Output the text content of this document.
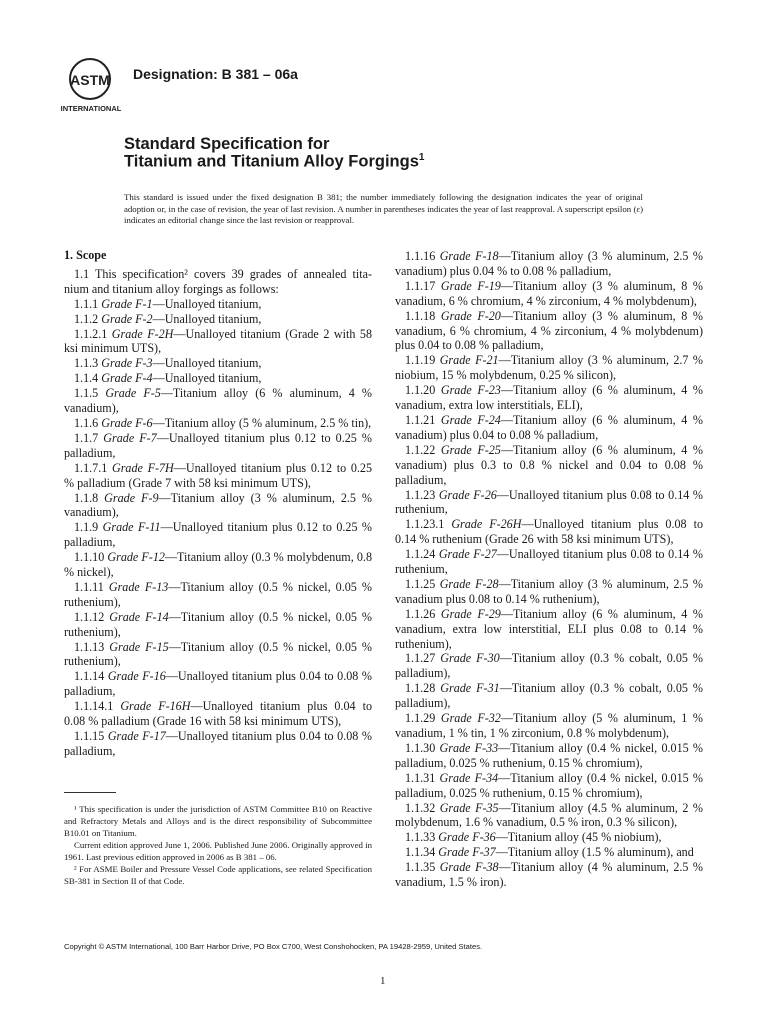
ASTM
INTERNATIONAL
Designation: B 381 – 06a
Standard Specification for
Titanium and Titanium Alloy Forgings$^1$
This standard is issued under the fixed designation B 381; the number immediately following the designation indicates the year of original adoption or, in the case of revision, the year of last revision. A number in parentheses indicates the year of last reapproval. A superscript epsilon (ε) indicates an editorial change since the last revision or reapproval.

1. Scope

1.1 This specification² covers 39 grades of annealed tita-nium and titanium alloy forgings as follows:

1.1.1 Grade F-1—Unalloyed titanium,

1.1.2 Grade F-2—Unalloyed titanium,

1.1.2.1 Grade F-2H—Unalloyed titanium (Grade 2 with 58 ksi minimum UTS),

1.1.3 Grade F-3—Unalloyed titanium,

1.1.4 Grade F-4—Unalloyed titanium,

1.1.5 Grade F-5—Titanium alloy (6 % aluminum, 4 % vanadium),

1.1.6 Grade F-6—Titanium alloy (5 % aluminum, 2.5 % tin),

1.1.7 Grade F-7—Unalloyed titanium plus 0.12 to 0.25 % palladium,

1.1.7.1 Grade F-7H—Unalloyed titanium plus 0.12 to 0.25 % palladium (Grade 7 with 58 ksi minimum UTS),

1.1.8 Grade F-9—Titanium alloy (3 % aluminum, 2.5 % vanadium),

1.1.9 Grade F-11—Unalloyed titanium plus 0.12 to 0.25 % palladium,

1.1.10 Grade F-12—Titanium alloy (0.3 % molybdenum, 0.8 % nickel),

1.1.11 Grade F-13—Titanium alloy (0.5 % nickel, 0.05 % ruthenium),

1.1.12 Grade F-14—Titanium alloy (0.5 % nickel, 0.05 % ruthenium),

1.1.13 Grade F-15—Titanium alloy (0.5 % nickel, 0.05 % ruthenium),

1.1.14 Grade F-16—Unalloyed titanium plus 0.04 to 0.08 % palladium,

1.1.14.1 Grade F-16H—Unalloyed titanium plus 0.04 to 0.08 % palladium (Grade 16 with 58 ksi minimum UTS),

1.1.15 Grade F-17—Unalloyed titanium plus 0.04 to 0.08 % palladium,

1.1.16 Grade F-18—Titanium alloy (3 % aluminum, 2.5 % vanadium) plus 0.04 % to 0.08 % palladium,

1.1.17 Grade F-19—Titanium alloy (3 % aluminum, 8 % vanadium, 6 % chromium, 4 % zirconium, 4 % molybdenum),

1.1.18 Grade F-20—Titanium alloy (3 % aluminum, 8 % vanadium, 6 % chromium, 4 % zirconium, 4 % molybdenum) plus 0.04 to 0.08 % palladium,

1.1.19 Grade F-21—Titanium alloy (3 % aluminum, 2.7 % niobium, 15 % molybdenum, 0.25 % silicon),

1.1.20 Grade F-23—Titanium alloy (6 % aluminum, 4 % vanadium, extra low interstitials, ELI),

1.1.21 Grade F-24—Titanium alloy (6 % aluminum, 4 % vanadium) plus 0.04 to 0.08 % palladium,

1.1.22 Grade F-25—Titanium alloy (6 % aluminum, 4 % vanadium) plus 0.3 to 0.8 % nickel and 0.04 to 0.08 % palladium,

1.1.23 Grade F-26—Unalloyed titanium plus 0.08 to 0.14 % ruthenium,

1.1.23.1 Grade F-26H—Unalloyed titanium plus 0.08 to 0.14 % ruthenium (Grade 26 with 58 ksi minimum UTS),

1.1.24 Grade F-27—Unalloyed titanium plus 0.08 to 0.14 % ruthenium,

1.1.25 Grade F-28—Titanium alloy (3 % aluminum, 2.5 % vanadium plus 0.08 to 0.14 % ruthenium),

1.1.26 Grade F-29—Titanium alloy (6 % aluminum, 4 % vanadium, extra low interstitial, ELI plus 0.08 to 0.14 % ruthenium),

1.1.27 Grade F-30—Titanium alloy (0.3 % cobalt, 0.05 % palladium),

1.1.28 Grade F-31—Titanium alloy (0.3 % cobalt, 0.05 % palladium),

1.1.29 Grade F-32—Titanium alloy (5 % aluminum, 1 % vanadium, 1 % tin, 1 % zirconium, 0.8 % molybdenum),

1.1.30 Grade F-33—Titanium alloy (0.4 % nickel, 0.015 % palladium, 0.025 % ruthenium, 0.15 % chromium),

1.1.31 Grade F-34—Titanium alloy (0.4 % nickel, 0.015 % palladium, 0.025 % ruthenium, 0.15 % chromium),

1.1.32 Grade F-35—Titanium alloy (4.5 % aluminum, 2 % molybdenum, 1.6 % vanadium, 0.5 % iron, 0.3 % silicon),

1.1.33 Grade F-36—Titanium alloy (45 % niobium),

1.1.34 Grade F-37—Titanium alloy (1.5 % aluminum), and

1.1.35 Grade F-38—Titanium alloy (4 % aluminum, 2.5 % vanadium, 1.5 % iron).

¹ This specification is under the jurisdiction of ASTM Committee B10 on Reactive and Refractory Metals and Alloys and is the direct responsibility of Subcommittee B10.01 on Titanium.

Current edition approved June 1, 2006. Published June 2006. Originally approved in 1961. Last previous edition approved in 2006 as B 381 – 06.

² For ASME Boiler and Pressure Vessel Code applications, see related Specification SB-381 in Section II of that Code.

Copyright © ASTM International, 100 Barr Harbor Drive, PO Box C700, West Conshohocken, PA 19428-2959, United States.
1
